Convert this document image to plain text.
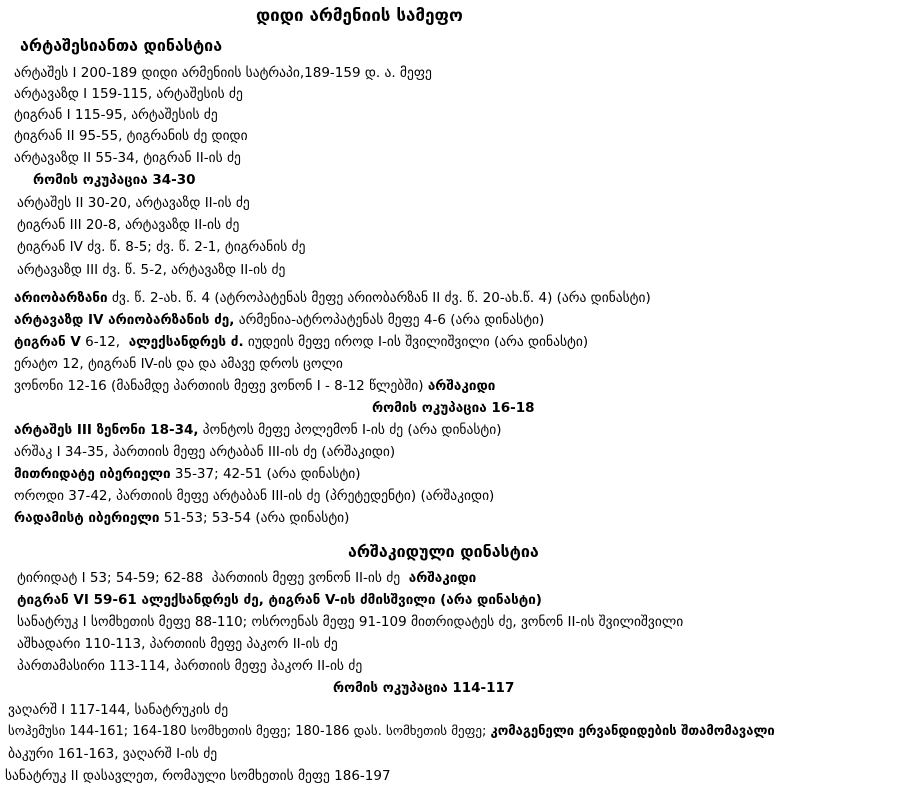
დიდი არმენიის სამეფო
არტაშესიანთა დინასტია
არტაშეს I 200-189 დიდი არმენიის სატრაპი,189-159 დ. ა. მეფე
არტავაზდ I 159-115, არტაშესის ძე
ტიგრან I 115-95, არტაშესის ძე
ტიგრან II 95-55, ტიგრანის ძე დიდი
არტავაზდ II 55-34, ტიგრან II-ის ძე
რომის ოკუპაცია 34-30
არტაშეს II 30-20, არტავაზდ II-ის ძე
ტიგრან III 20-8, არტავაზდ II-ის ძე
ტიგრან IV ძვ. წ. 8-5; ძვ. წ. 2-1, ტიგრანის ძე
არტავაზდ III ძვ. წ. 5-2, არტავაზდ II-ის ძე
არიობარზანი ძვ. წ. 2-ახ. წ. 4 (ატროპატენას მეფე არიობარზან II ძვ. წ. 20-ახ.წ. 4) (არა დინასტი)
არტავაზდ IV არიობარზანის ძე, არმენია-ატროპატენას მეფე 4-6 (არა დინასტი)
ტიგრან V 6-12,  ალექსანდრეს ძ. იუდეის მეფე იროდ I-ის შვილიშვილი (არა დინასტი)
ერატო 12, ტიგრან IV-ის და და ამავე დროს ცოლი
ვონონი 12-16 (მანამდე პართიის მეფე ვონონ I - 8-12 წლებში) არშაკიდი
რომის ოკუპაცია 16-18
არტაშეს III ზენონი 18-34, პონტოს მეფე პოლემონ I-ის ძე (არა დინასტი)
არშაკ I 34-35, პართიის მეფე არტაბან III-ის ძე (არშაკიდი)
მითრიდატე იბერიელი 35-37; 42-51 (არა დინასტი)
ოროდი 37-42, პართიის მეფე არტაბან III-ის ძე (პრეტედენტი) (არშაკიდი)
რადამისტ იბერიელი 51-53; 53-54 (არა დინასტი)
არშაკიდული დინასტია
ტირიდატ I 53; 54-59; 62-88  პართიის მეფე ვონონ II-ის ძე  არშაკიდი
ტიგრან VI 59-61 ალექსანდრეს ძე, ტიგრან V-ის ძმისშვილი (არა დინასტი)
სანატრუკ I სომხეთის მეფე 88-110; ოსროენას მეფე 91-109 მითრიდატეს ძე, ვონონ II-ის შვილიშვილი
აშხადარი 110-113, პართიის მეფე პაკორ II-ის ძე
პართამასირი 113-114, პართიის მეფე პაკორ II-ის ძე
რომის ოკუპაცია 114-117
ვაღარშ I 117-144, სანატრუკის ძე
სოჰემუსი 144-161; 164-180 სომხეთის მეფე; 180-186 დას. სომხეთის მეფე; კომაგენელი ერვანდიდების შთამომავალი
ბაკური 161-163, ვაღარშ I-ის ძე
სანატრუკ II დასავლეთ, რომაული სომხეთის მეფე 186-197
